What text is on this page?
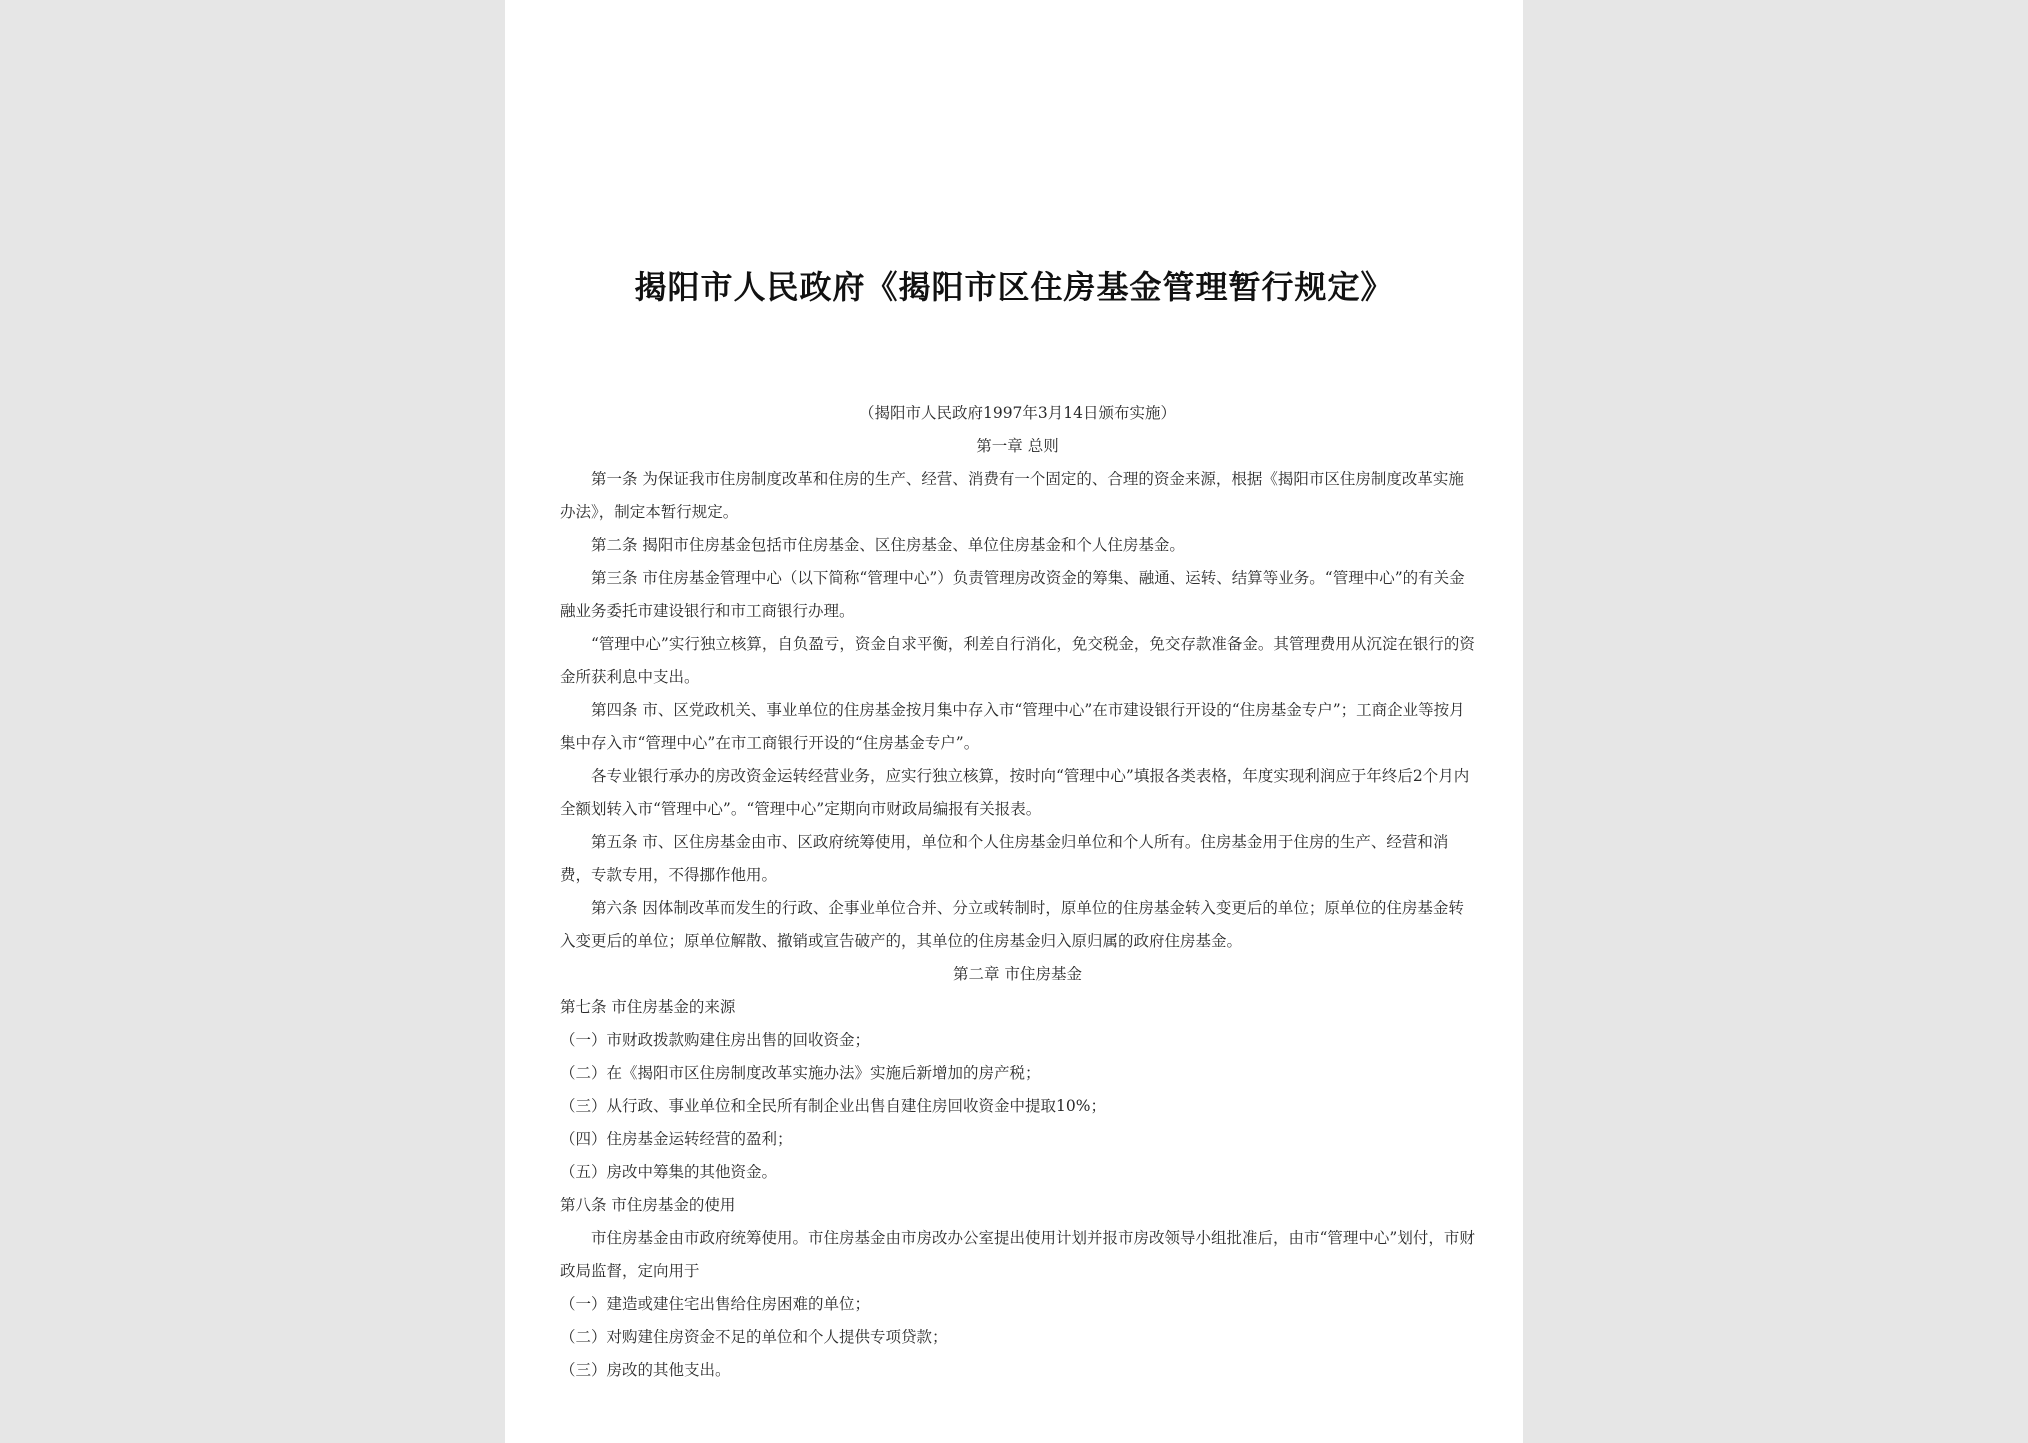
揭阳市人民政府《揭阳市区住房基金管理暂行规定》

（揭阳市人民政府1997年3月14日颁布实施）

第一章 总则

第一条 为保证我市住房制度改革和住房的生产、经营、消费有一个固定的、合理的资金来源，根据《揭阳市区住房制度改革实施办法》，制定本暂行规定。

第二条 揭阳市住房基金包括市住房基金、区住房基金、单位住房基金和个人住房基金。

第三条 市住房基金管理中心（以下简称“管理中心”）负责管理房改资金的筹集、融通、运转、结算等业务。“管理中心”的有关金融业务委托市建设银行和市工商银行办理。

“管理中心”实行独立核算，自负盈亏，资金自求平衡，利差自行消化，免交税金，免交存款准备金。其管理费用从沉淀在银行的资金所获利息中支出。

第四条 市、区党政机关、事业单位的住房基金按月集中存入市“管理中心”在市建设银行开设的“住房基金专户”；工商企业等按月集中存入市“管理中心”在市工商银行开设的“住房基金专户”。

各专业银行承办的房改资金运转经营业务，应实行独立核算，按时向“管理中心”填报各类表格，年度实现利润应于年终后2个月内全额划转入市“管理中心”。“管理中心”定期向市财政局编报有关报表。

第五条 市、区住房基金由市、区政府统筹使用，单位和个人住房基金归单位和个人所有。住房基金用于住房的生产、经营和消费，专款专用，不得挪作他用。

第六条 因体制改革而发生的行政、企事业单位合并、分立或转制时，原单位的住房基金转入变更后的单位；原单位的住房基金转入变更后的单位；原单位解散、撤销或宣告破产的，其单位的住房基金归入原归属的政府住房基金。

第二章 市住房基金

第七条 市住房基金的来源

（一）市财政拨款购建住房出售的回收资金；

（二）在《揭阳市区住房制度改革实施办法》实施后新增加的房产税；

（三）从行政、事业单位和全民所有制企业出售自建住房回收资金中提取10%；

（四）住房基金运转经营的盈利；

（五）房改中筹集的其他资金。

第八条 市住房基金的使用

市住房基金由市政府统筹使用。市住房基金由市房改办公室提出使用计划并报市房改领导小组批准后，由市“管理中心”划付，市财政局监督，定向用于

（一）建造或建住宅出售给住房困难的单位；

（二）对购建住房资金不足的单位和个人提供专项贷款；

（三）房改的其他支出。
